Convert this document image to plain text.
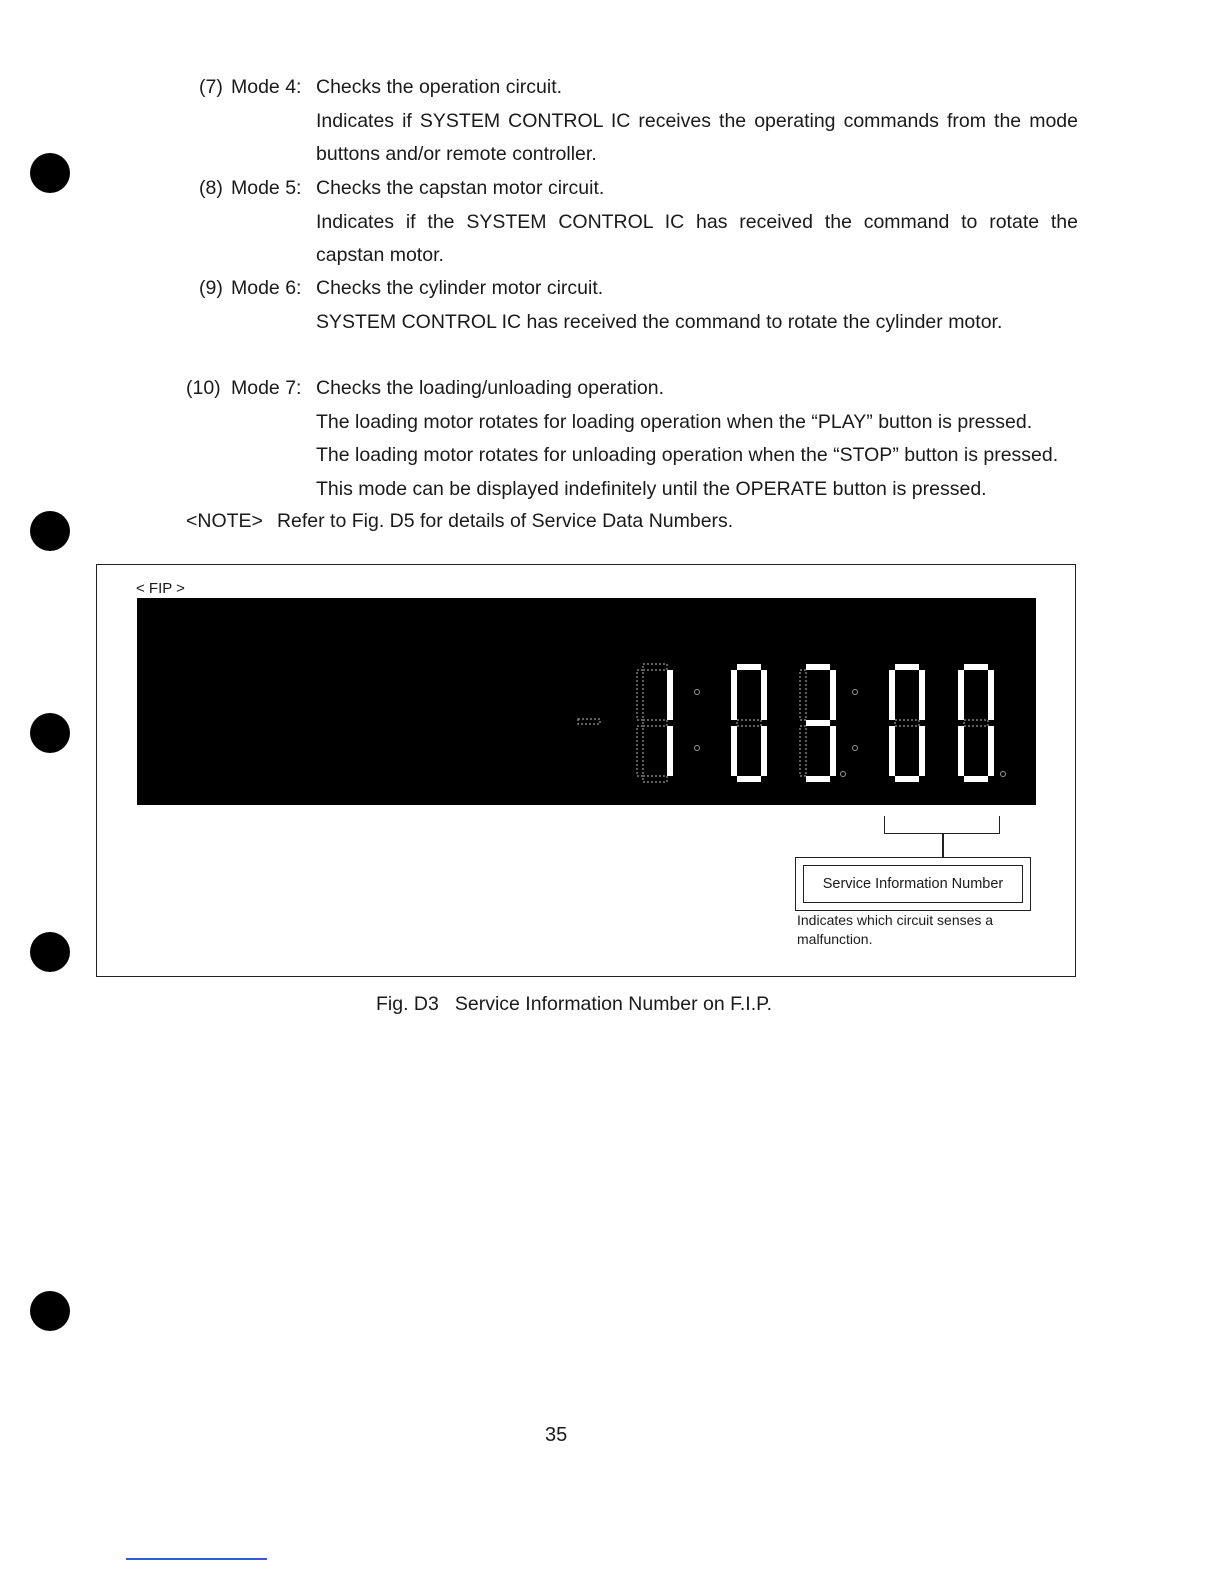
(7) Mode 4: Checks the operation circuit.
Indicates if SYSTEM CONTROL IC receives the operating commands from the mode
buttons and/or remote controller.
(8) Mode 5: Checks the capstan motor circuit.
Indicates if the SYSTEM CONTROL IC has received the command to rotate the
capstan motor.
(9) Mode 6: Checks the cylinder motor circuit.
SYSTEM CONTROL IC has received the command to rotate the cylinder motor.
(10) Mode 7: Checks the loading/unloading operation.
The loading motor rotates for loading operation when the “PLAY” button is pressed.
The loading motor rotates for unloading operation when the “STOP” button is pressed.
This mode can be displayed indefinitely until the OPERATE button is pressed.
<NOTE> Refer to Fig. D5 for details of Service Data Numbers.
< FIP >
Service Information Number
Indicates which circuit senses a malfunction.
Fig. D3 Service Information Number on F.I.P.
35
